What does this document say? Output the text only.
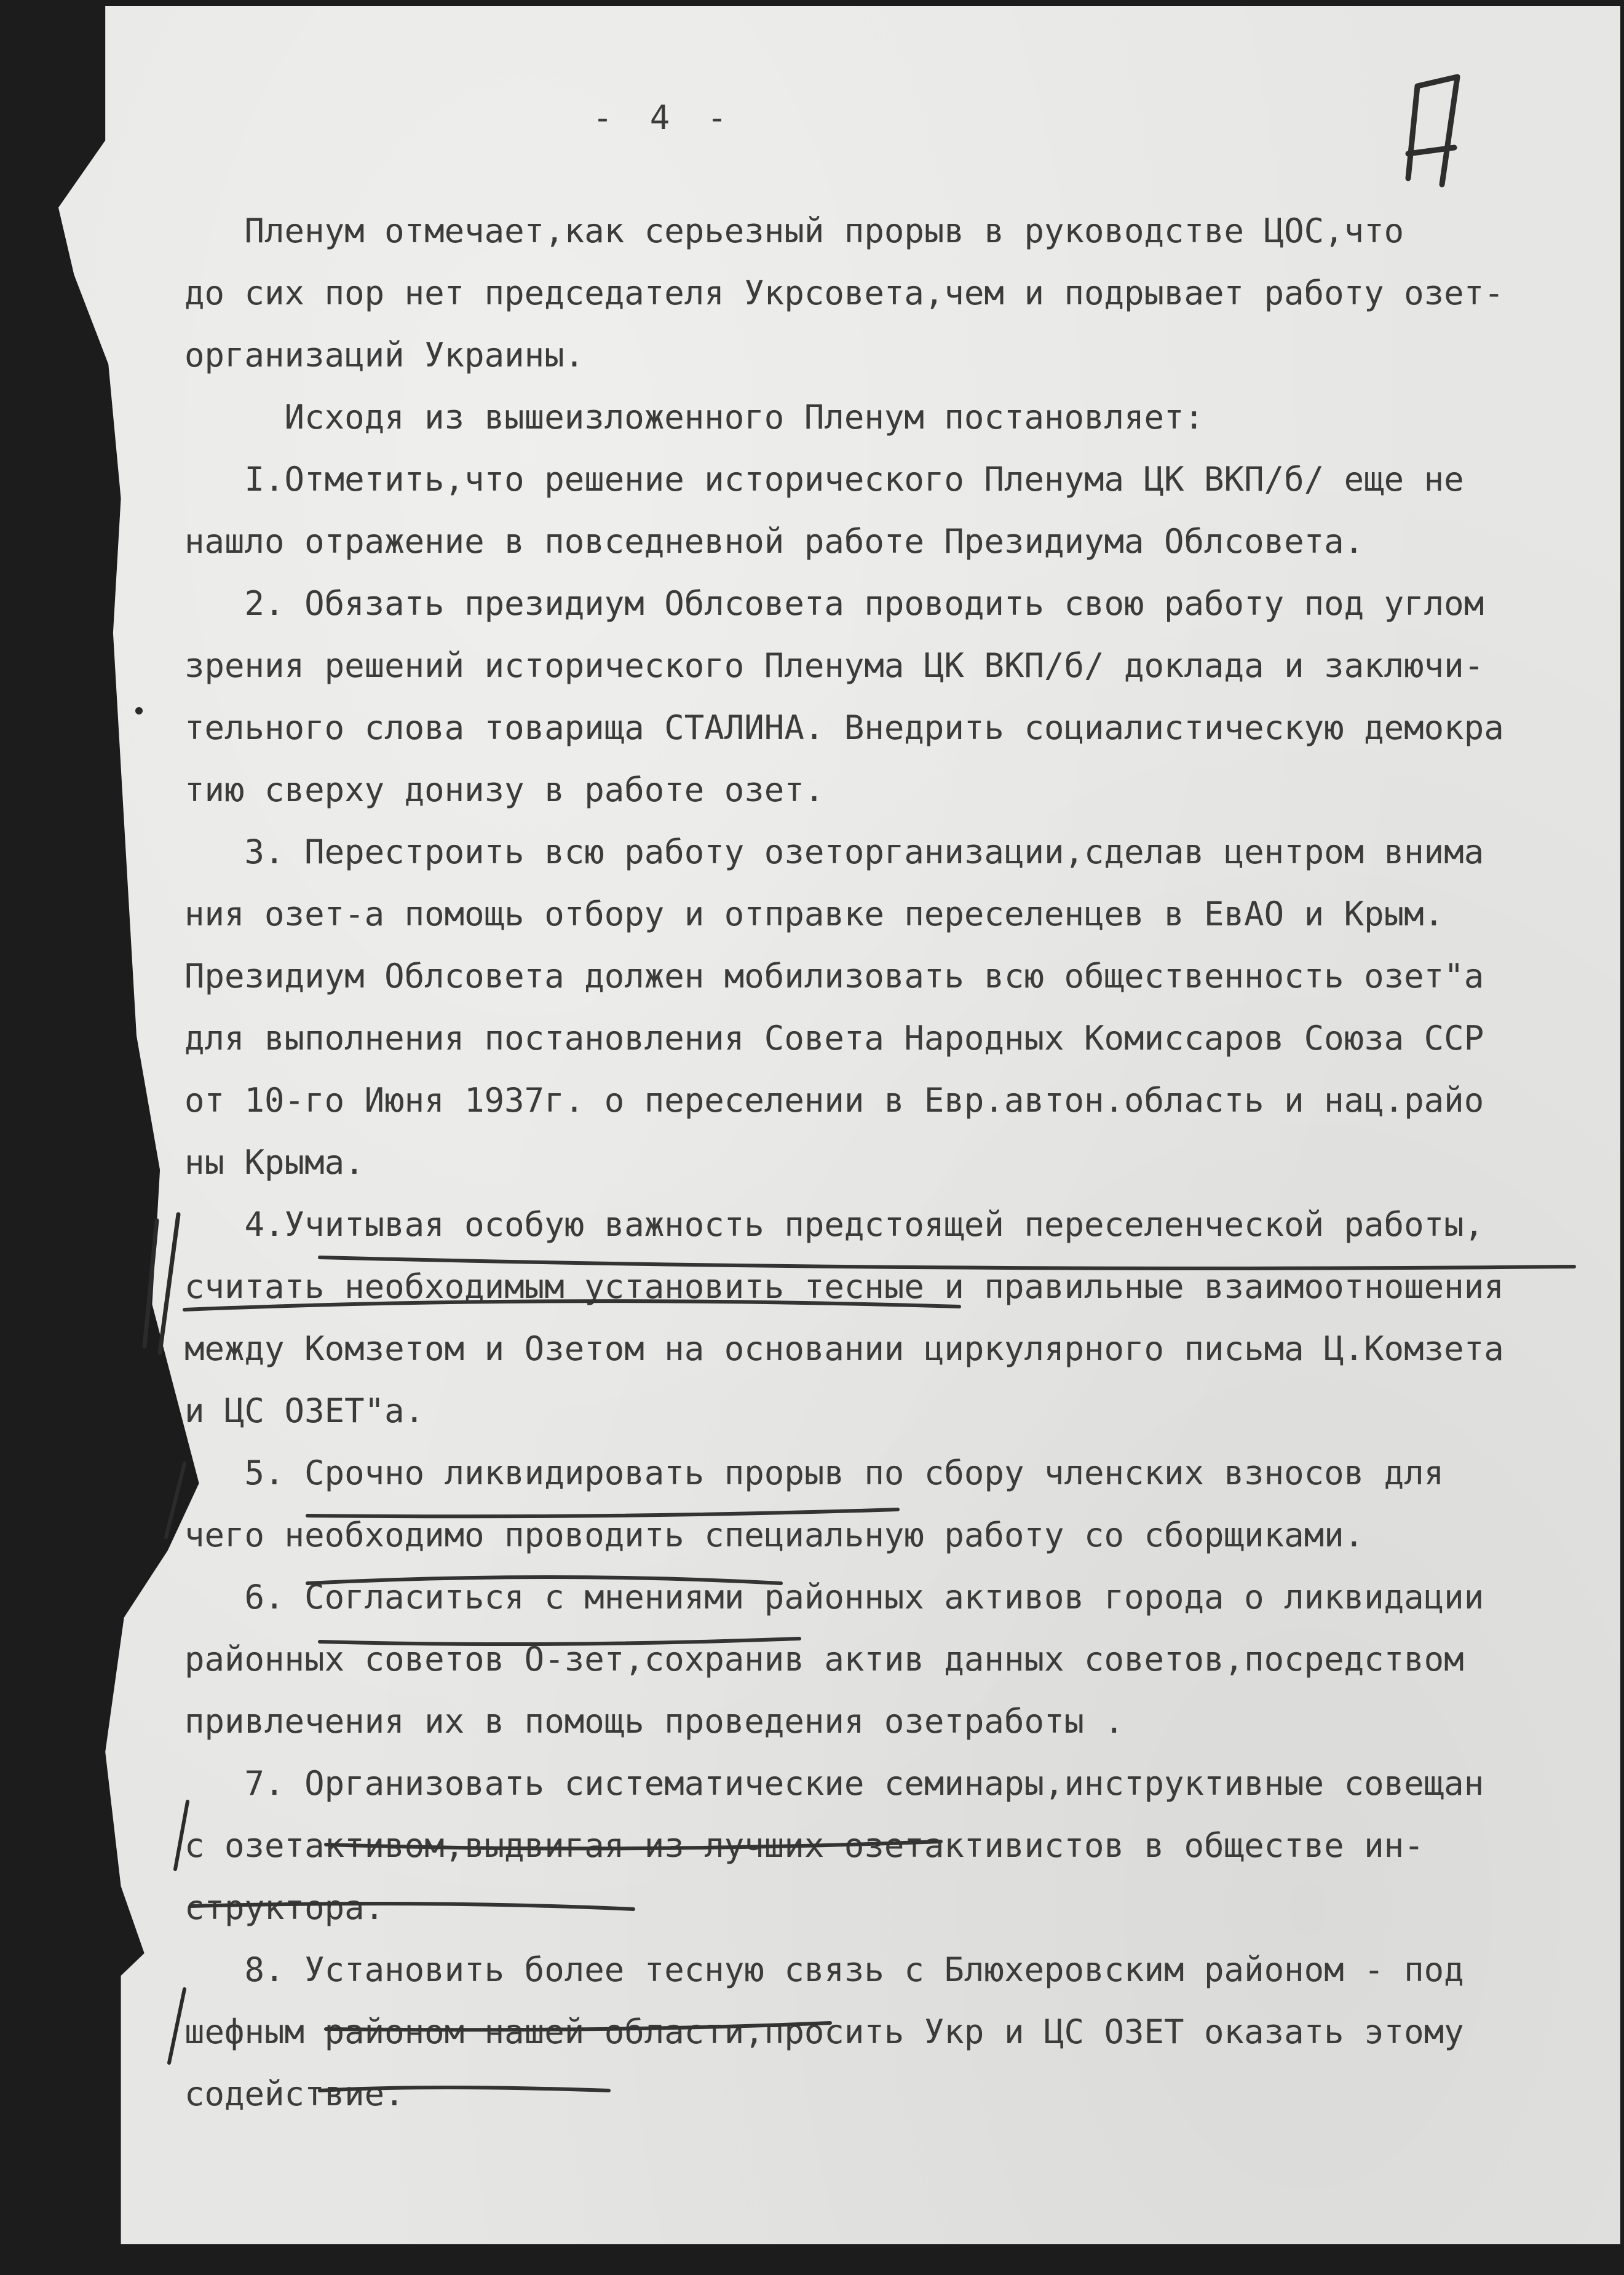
- 4 -
Пленум отмечает,как серьезный прорыв в руководстве ЦОС,что
до сих пор нет председателя Укрсовета,чем и подрывает работу озет-
организаций Украины.
Исходя из вышеизложенного Пленум постановляет:
I.Отметить,что решение исторического Пленума ЦК ВКП/б/ еще не
нашло отражение в повседневной работе Президиума Облсовета.
2. Обязать президиум Облсовета проводить свою работу под углом
зрения решений исторического Пленума ЦК ВКП/б/ доклада и заключи-
тельного слова товарища СТАЛИНА. Внедрить социалистическую демокра
тию сверху донизу в работе озет.
3. Перестроить всю работу озеторганизации,сделав центром внима
ния озет-а помощь отбору и отправке переселенцев в ЕвАО и Крым.
Президиум Облсовета должен мобилизовать всю общественность озет"а
для выполнения постановления Совета Народных Комиссаров Союза ССР
от 10-го Июня 1937г. о переселении в Евр.автон.область и нац.райо
ны Крыма.
4.Учитывая особую важность предстоящей переселенческой работы,
считать необходимым установить тесные и правильные взаимоотношения
между Комзетом и Озетом на основании циркулярного письма Ц.Комзета
и ЦС ОЗЕТ"а.
5. Срочно ликвидировать прорыв по сбору членских взносов для
чего необходимо проводить специальную работу со сборщиками.
6. Согласиться с мнениями районных активов города о ликвидации
районных советов О-зет,сохранив актив данных советов,посредством
привлечения их в помощь проведения озетработы .
7. Организовать систематические семинары,инструктивные совещан
с озетактивом,выдвигая из лучших озетактивистов в обществе ин-
структора.
8. Установить более тесную связь с Блюхеровским районом - под
шефным районом нашей области,просить Укр и ЦС ОЗЕТ оказать этому
содействие.
